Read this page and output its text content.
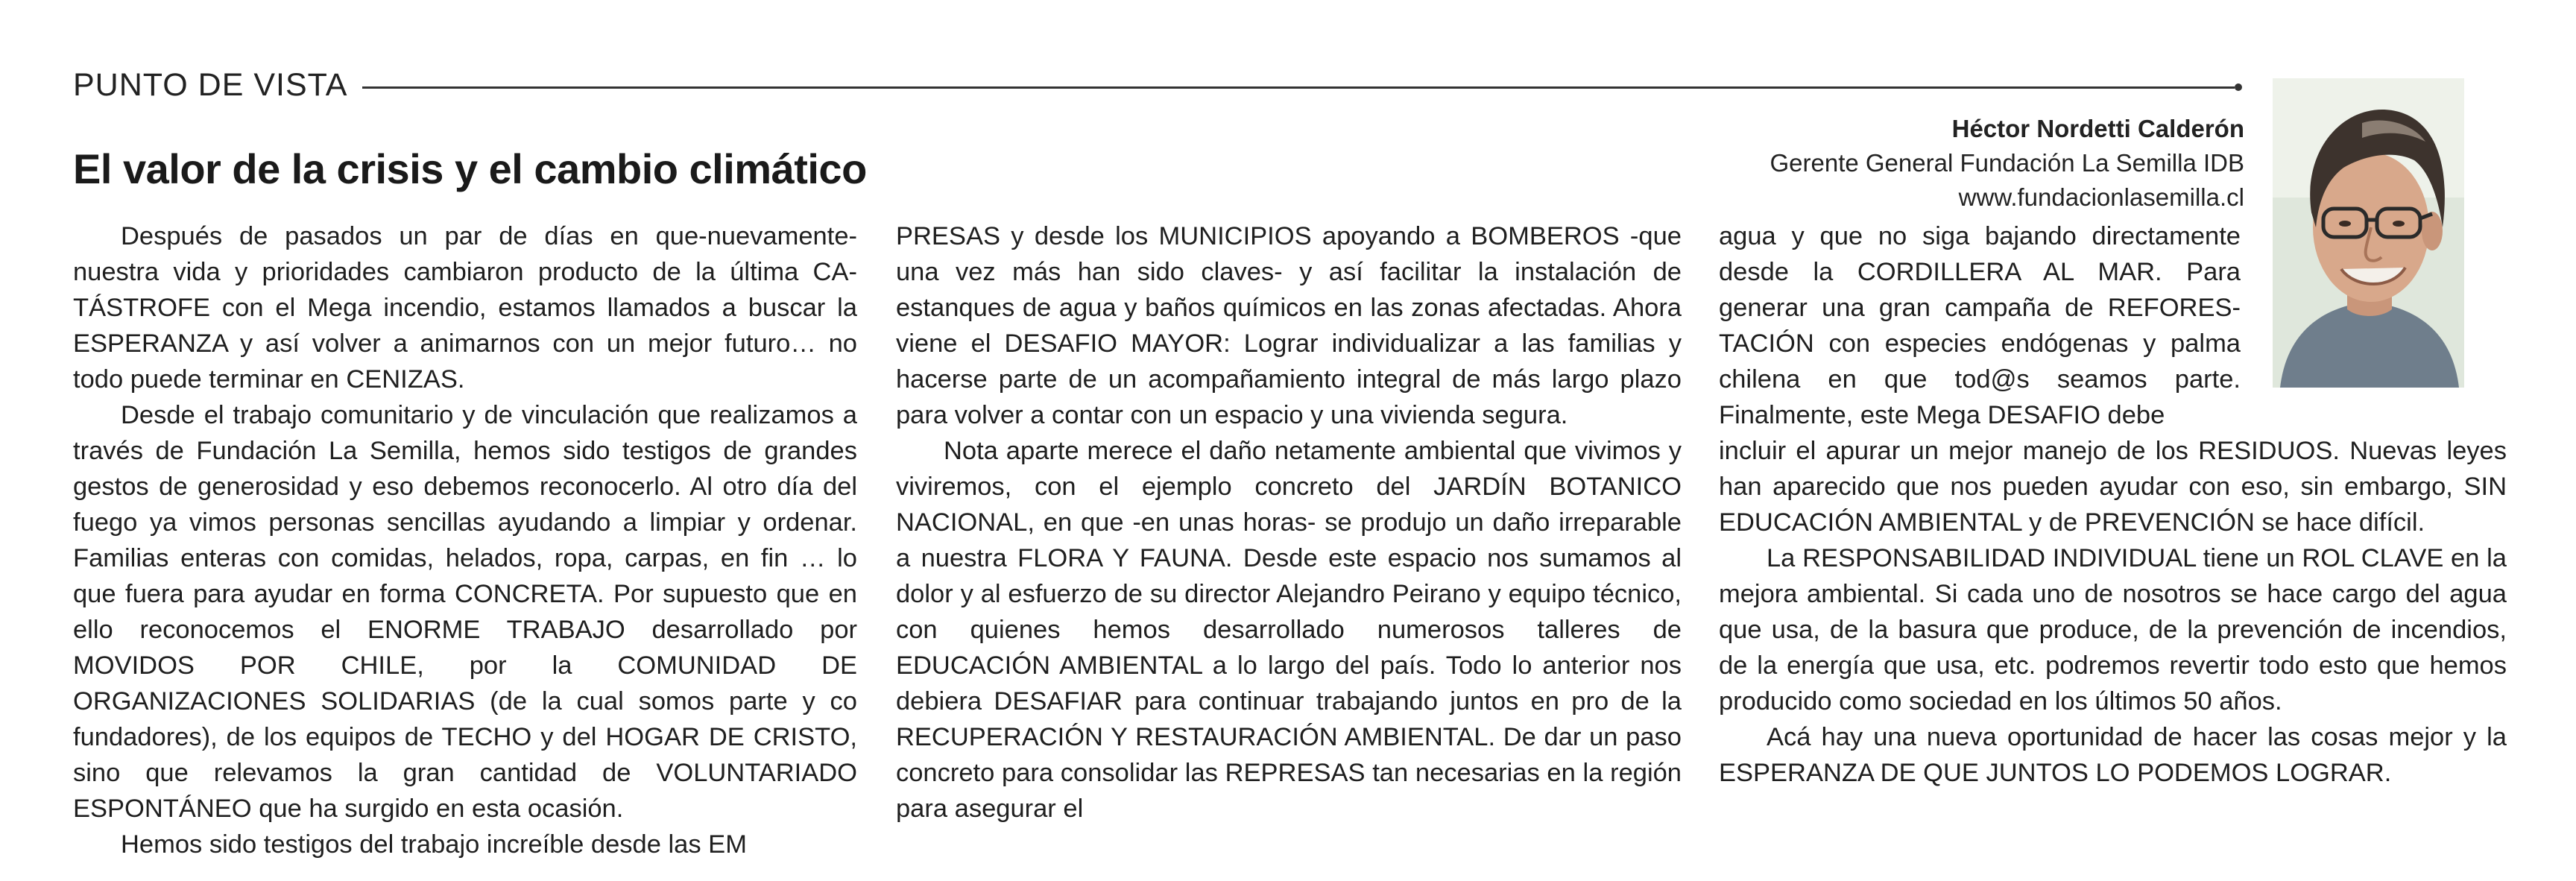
PUNTO DE VISTA
El valor de la crisis y el cambio climático
Héctor Nordetti Calderón
Gerente General Fundación La Semilla IDB
www.fundacionlasemilla.cl

Después de pasados un par de días en que-nuevamente- nuestra vida y prioridades cambiaron producto de la última CATÁSTROFE con el Mega incendio, estamos llamados a buscar la ESPERANZA y así volver a animarnos con un mejor futuro… no todo puede terminar en CENIZAS.

Desde el trabajo comunitario y de vinculación que realizamos a través de Fundación La Semilla, hemos sido testigos de grandes gestos de generosidad y eso debemos reconocerlo. Al otro día del fuego ya vimos personas sencillas ayudando a limpiar y ordenar. Familias enteras con comidas, helados, ropa, carpas, en fin … lo que fuera para ayudar en forma CONCRETA. Por supuesto que en ello reconocemos el ENORME TRABAJO desarrollado por MOVIDOS POR CHILE, por la COMUNIDAD DE ORGANIZACIONES SOLIDARIAS (de la cual somos parte y co fundadores), de los equipos de TECHO y del HOGAR DE CRISTO, sino que relevamos la gran cantidad de VOLUNTARIADO ESPONTÁNEO que ha surgido en esta ocasión.

Hemos sido testigos del trabajo increíble desde las EM

PRESAS y desde los MUNICIPIOS apoyando a BOMBEROS -que una vez más han sido claves- y así facilitar la instalación de estanques de agua y baños químicos en las zonas afectadas. Ahora viene el DESAFIO MAYOR: Lograr individualizar a las familias y hacerse parte de un acompañamiento integral de más largo plazo para volver a contar con un espacio y una vivienda segura.

Nota aparte merece el daño netamente ambiental que vivimos y viviremos, con el ejemplo concreto del JARDÍN BOTANICO NACIONAL, en que -en unas horas- se produjo un daño irreparable a nuestra FLORA Y FAUNA. Desde este espacio nos sumamos al dolor y al esfuerzo de su director Alejandro Peirano y equipo técnico, con quienes hemos desarrollado numerosos talleres de EDUCACIÓN AMBIENTAL a lo largo del país. Todo lo anterior nos debiera DESAFIAR para continuar trabajando juntos en pro de la RECUPERACIÓN Y RESTAURACIÓN AMBIENTAL. De dar un paso concreto para consolidar las REPRESAS tan necesarias en la región para asegurar el

agua y que no siga bajando directamente desde la CORDILLERA AL MAR. Para generar una gran campaña de REFORESTACIÓN con especies endógenas y palma chilena en que tod@s seamos parte. Finalmente, este Mega DESAFIO debe

incluir el apurar un mejor manejo de los RESIDUOS. Nuevas leyes han aparecido que nos pueden ayudar con eso, sin embargo, SIN EDUCACIÓN AMBIENTAL y de PREVENCIÓN se hace difícil.

La RESPONSABILIDAD INDIVIDUAL tiene un ROL CLAVE en la mejora ambiental. Si cada uno de nosotros se hace cargo del agua que usa, de la basura que produce, de la prevención de incendios, de la energía que usa, etc. podremos revertir todo esto que hemos producido como sociedad en los últimos 50 años.

Acá hay una nueva oportunidad de hacer las cosas mejor y la ESPERANZA DE QUE JUNTOS LO PODEMOS LOGRAR.
